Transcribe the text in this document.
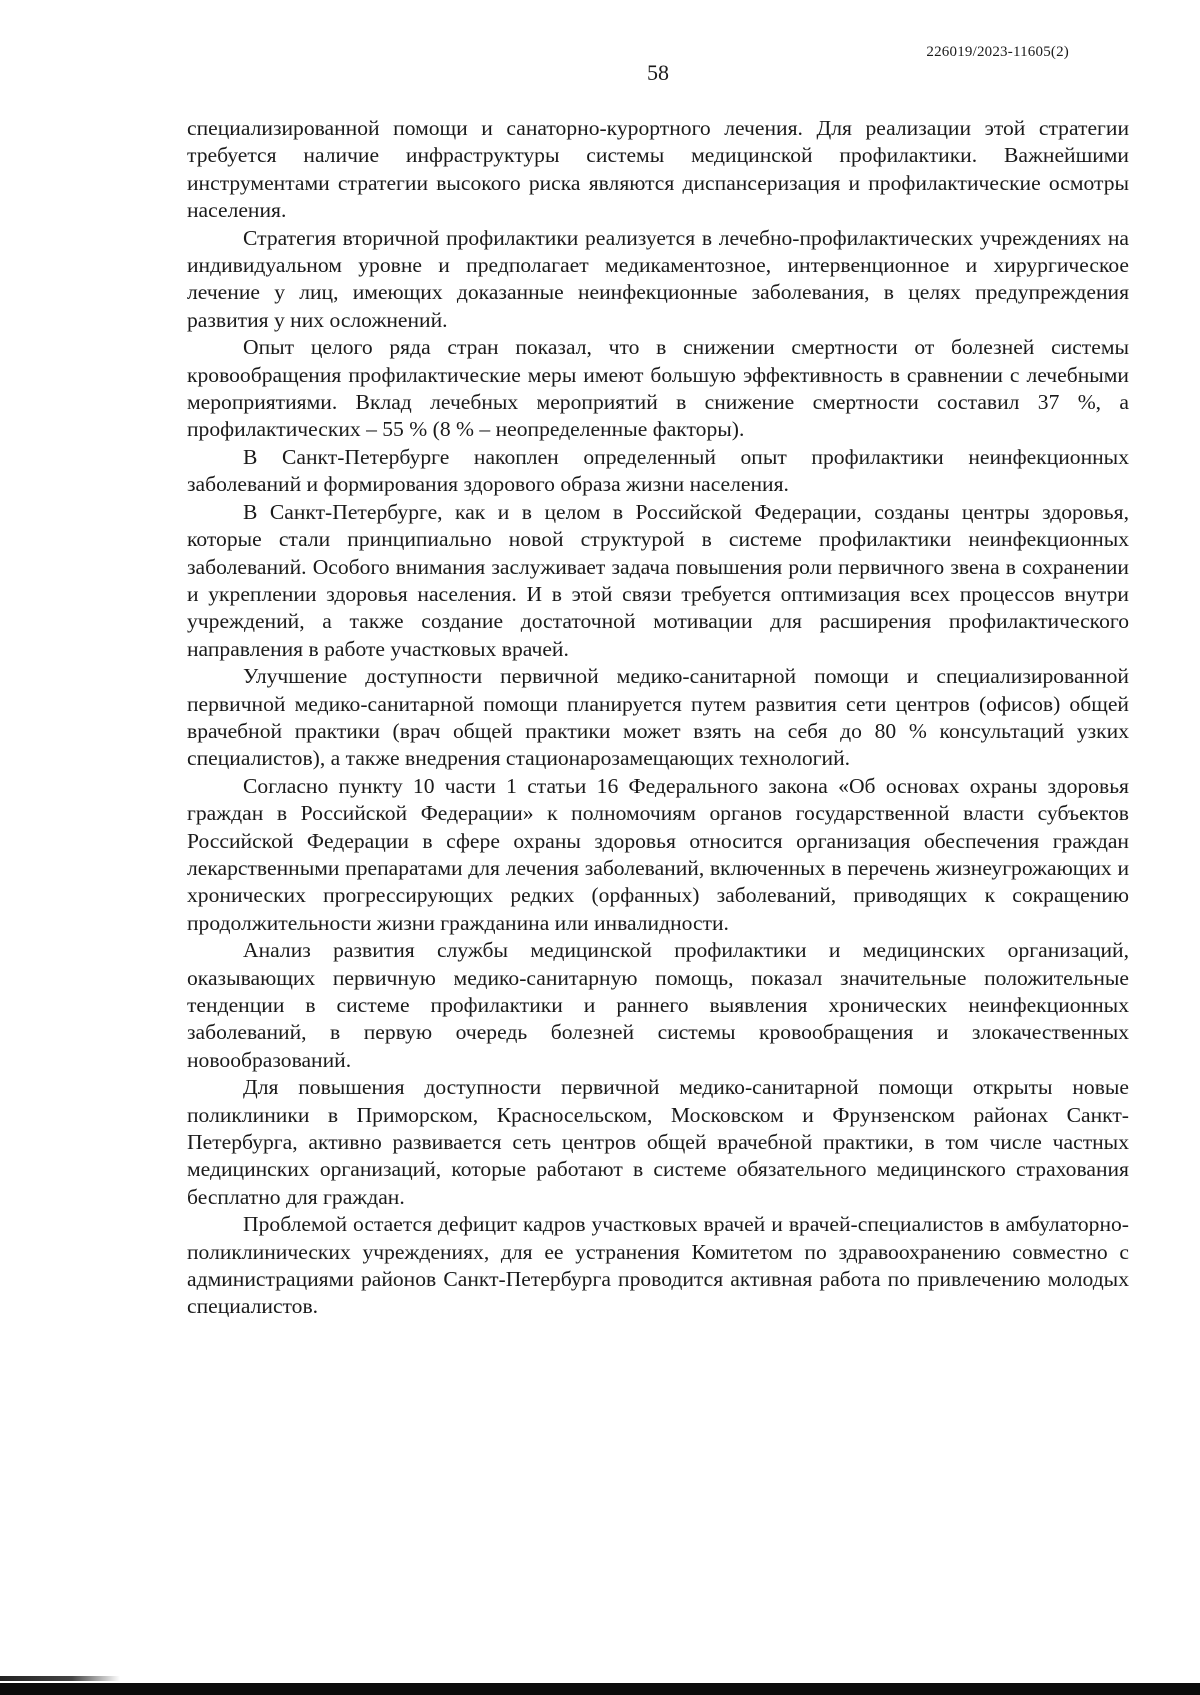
226019/2023-11605(2)
58

специализированной помощи и санаторно-курортного лечения. Для реализации этой стратегии требуется наличие инфраструктуры системы медицинской профилактики. Важнейшими инструментами стратегии высокого риска являются диспансеризация и профилактические осмотры населения.

Стратегия вторичной профилактики реализуется в лечебно-профилактических учреждениях на индивидуальном уровне и предполагает медикаментозное, интервенционное и хирургическое лечение у лиц, имеющих доказанные неинфекционные заболевания, в целях предупреждения развития у них осложнений.

Опыт целого ряда стран показал, что в снижении смертности от болезней системы кровообращения профилактические меры имеют большую эффективность в сравнении с лечебными мероприятиями. Вклад лечебных мероприятий в снижение смертности составил 37 %, а профилактических – 55 % (8 % – неопределенные факторы).

В Санкт-Петербурге накоплен определенный опыт профилактики неинфекционных заболеваний и формирования здорового образа жизни населения.

В Санкт-Петербурге, как и в целом в Российской Федерации, созданы центры здоровья, которые стали принципиально новой структурой в системе профилактики неинфекционных заболеваний. Особого внимания заслуживает задача повышения роли первичного звена в сохранении и укреплении здоровья населения. И в этой связи требуется оптимизация всех процессов внутри учреждений, а также создание достаточной мотивации для расширения профилактического направления в работе участковых врачей.

Улучшение доступности первичной медико-санитарной помощи и специализированной первичной медико-санитарной помощи планируется путем развития сети центров (офисов) общей врачебной практики (врач общей практики может взять на себя до 80 % консультаций узких специалистов), а также внедрения стационарозамещающих технологий.

Согласно пункту 10 части 1 статьи 16 Федерального закона «Об основах охраны здоровья граждан в Российской Федерации» к полномочиям органов государственной власти субъектов Российской Федерации в сфере охраны здоровья относится организация обеспечения граждан лекарственными препаратами для лечения заболеваний, включенных в перечень жизнеугрожающих и хронических прогрессирующих редких (орфанных) заболеваний, приводящих к сокращению продолжительности жизни гражданина или инвалидности.

Анализ развития службы медицинской профилактики и медицинских организаций, оказывающих первичную медико-санитарную помощь, показал значительные положительные тенденции в системе профилактики и раннего выявления хронических неинфекционных заболеваний, в первую очередь болезней системы кровообращения и злокачественных новообразований.

Для повышения доступности первичной медико-санитарной помощи открыты новые поликлиники в Приморском, Красносельском, Московском и Фрунзенском районах Санкт-Петербурга, активно развивается сеть центров общей врачебной практики, в том числе частных медицинских организаций, которые работают в системе обязательного медицинского страхования бесплатно для граждан.

Проблемой остается дефицит кадров участковых врачей и врачей-специалистов в амбулаторно-поликлинических учреждениях, для ее устранения Комитетом по здравоохранению совместно с администрациями районов Санкт-Петербурга проводится активная работа по привлечению молодых специалистов.
